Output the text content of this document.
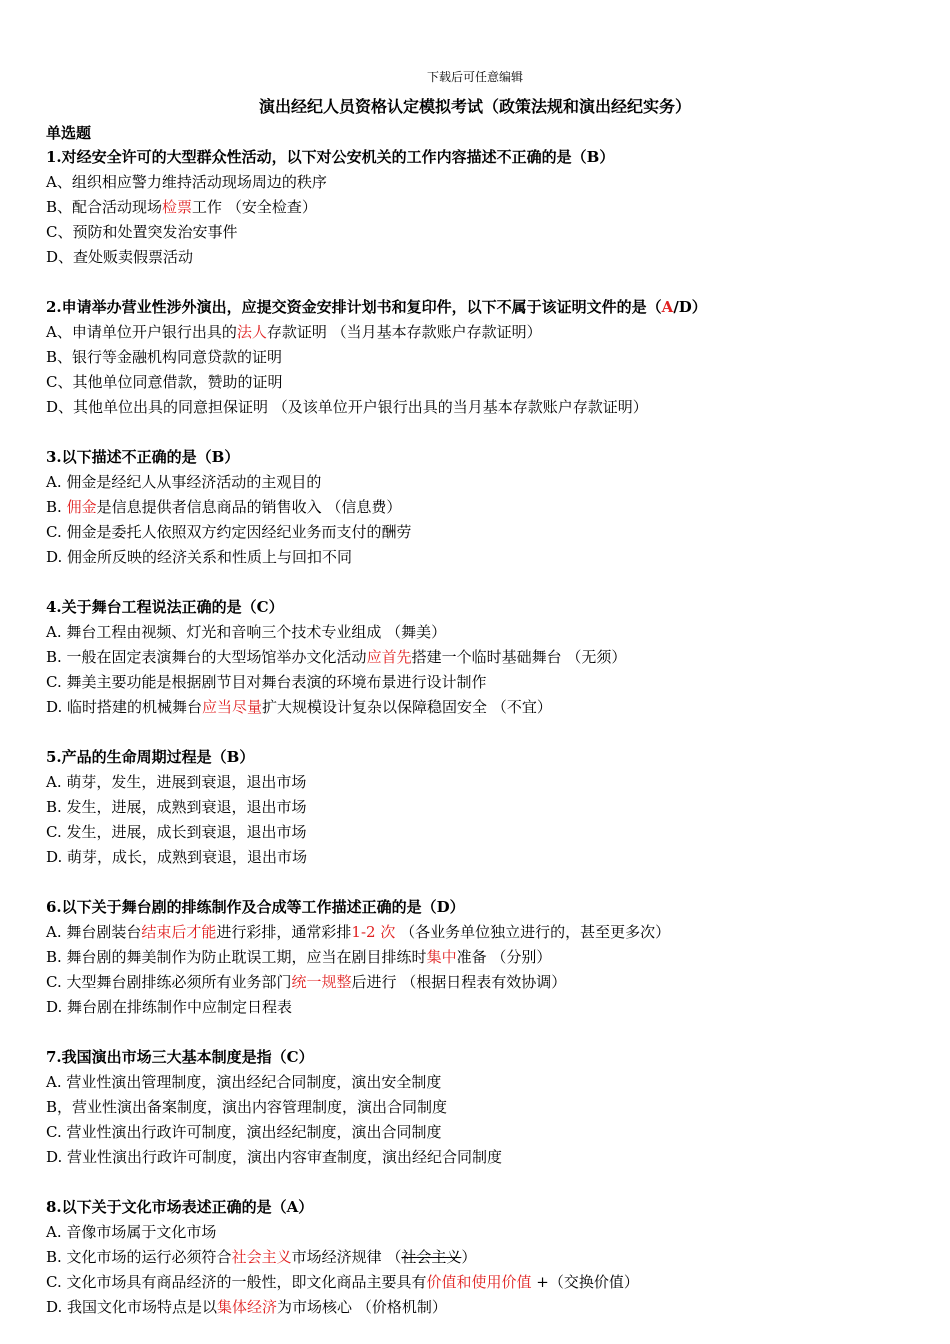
下载后可任意编辑
演出经纪人员资格认定模拟考试（政策法规和演出经纪实务）
单选题
1.对经安全许可的大型群众性活动，以下对公安机关的工作内容描述不正确的是（B）
A、组织相应警力维持活动现场周边的秩序
B、配合活动现场检票工作 （安全检查）
C、预防和处置突发治安事件
D、查处贩卖假票活动
2.申请举办营业性涉外演出，应提交资金安排计划书和复印件，以下不属于该证明文件的是（A/D）
A、申请单位开户银行出具的法人存款证明 （当月基本存款账户存款证明）
B、银行等金融机构同意贷款的证明
C、其他单位同意借款，赞助的证明
D、其他单位出具的同意担保证明 （及该单位开户银行出具的当月基本存款账户存款证明）
3.以下描述不正确的是（B）
A. 佣金是经纪人从事经济活动的主观目的
B. 佣金是信息提供者信息商品的销售收入 （信息费）
C. 佣金是委托人依照双方约定因经纪业务而支付的酬劳
D. 佣金所反映的经济关系和性质上与回扣不同
4.关于舞台工程说法正确的是（C）
A. 舞台工程由视频、灯光和音响三个技术专业组成 （舞美）
B. 一般在固定表演舞台的大型场馆举办文化活动应首先搭建一个临时基础舞台 （无须）
C. 舞美主要功能是根据剧节目对舞台表演的环境布景进行设计制作
D. 临时搭建的机械舞台应当尽量扩大规模设计复杂以保障稳固安全 （不宜）
5.产品的生命周期过程是（B）
A. 萌芽，发生，进展到衰退，退出市场
B. 发生，进展，成熟到衰退，退出市场
C. 发生，进展，成长到衰退，退出市场
D. 萌芽，成长，成熟到衰退，退出市场
6.以下关于舞台剧的排练制作及合成等工作描述正确的是（D）
A. 舞台剧装台结束后才能进行彩排，通常彩排1-2 次 （各业务单位独立进行的，甚至更多次）
B. 舞台剧的舞美制作为防止耽误工期，应当在剧目排练时集中准备 （分别）
C. 大型舞台剧排练必须所有业务部门统一规整后进行 （根据日程表有效协调）
D. 舞台剧在排练制作中应制定日程表
7.我国演出市场三大基本制度是指（C）
A. 营业性演出管理制度，演出经纪合同制度，演出安全制度
B，营业性演出备案制度，演出内容管理制度，演出合同制度
C. 营业性演出行政许可制度，演出经纪制度，演出合同制度
D. 营业性演出行政许可制度，演出内容审查制度，演出经纪合同制度
8.以下关于文化市场表述正确的是（A）
A. 音像市场属于文化市场
B. 文化市场的运行必须符合社会主义市场经济规律 （社会主义）
C. 文化市场具有商品经济的一般性，即文化商品主要具有价值和使用价值 +（交换价值）
D. 我国文化市场特点是以集体经济为市场核心 （价格机制）
